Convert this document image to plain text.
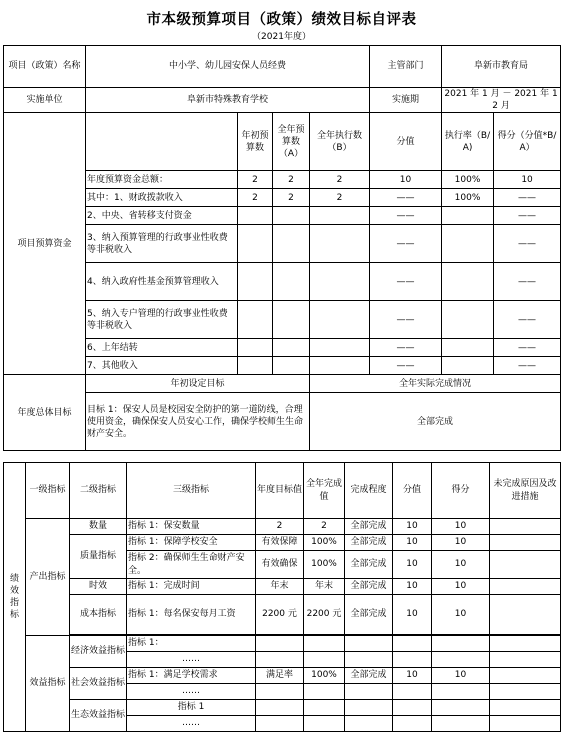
市本级预算项目（政策）绩效目标自评表
（2021年度）
项目（政策）名称	中小学、幼儿园安保人员经费				主管部门	阜新市教育局	
实施单位	阜新市特殊教育学校				实施期	2021 年 1 月 － 2021 年 12 月	
项目预算资金		年初预算数	全年预算数（A）	全年执行数（B）	分值	执行率（B/A)	得分（分值*B/A）
	年度预算资金总额：	2	2	2	10	100%	10
	其中：1、财政拨款收入	2	2	2	——	100%	——
	2、中央、省转移支付资金				——		——
	3、纳入预算管理的行政事业性收费等非税收入				——		——
	4、纳入政府性基金预算管理收入				——		——
	5、纳入专户管理的行政事业性收费等非税收入				——		——
	6、上年结转				——		——
	7、其他收入				——		——
年度总体目标	年初设定目标			全年实际完成情况			
	目标 1：保安人员是校园安全防护的第一道防线，合理使用资金，确保保安人员安心工作，确保学校师生生命财产安全。			全部完成			
绩效指标	一级指标	二级指标	三级指标	年度目标值	全年完成值	完成程度	分值	得分	未完成原因及改进措施
	产出指标	数量	指标 1：保安数量	2	2	全部完成	10	10	
		质量指标	指标 1：保障学校安全	有效保障	100%	全部完成	10	10	
			指标 2：确保师生生命财产安全。	有效确保	100%	全部完成	10	10	
		时效	指标 1：完成时间	年末	年末	全部完成	10	10	
		成本指标	指标 1：每名保安每月工资	2200 元	2200 元	全部完成	10	10	

	效益指标	经济效益指标	指标 1：						
			……						
		社会效益指标	指标 1：满足学校需求	满足率	100%	全部完成	10	10	
			……						
		生态效益指标	指标 1						
			……						
